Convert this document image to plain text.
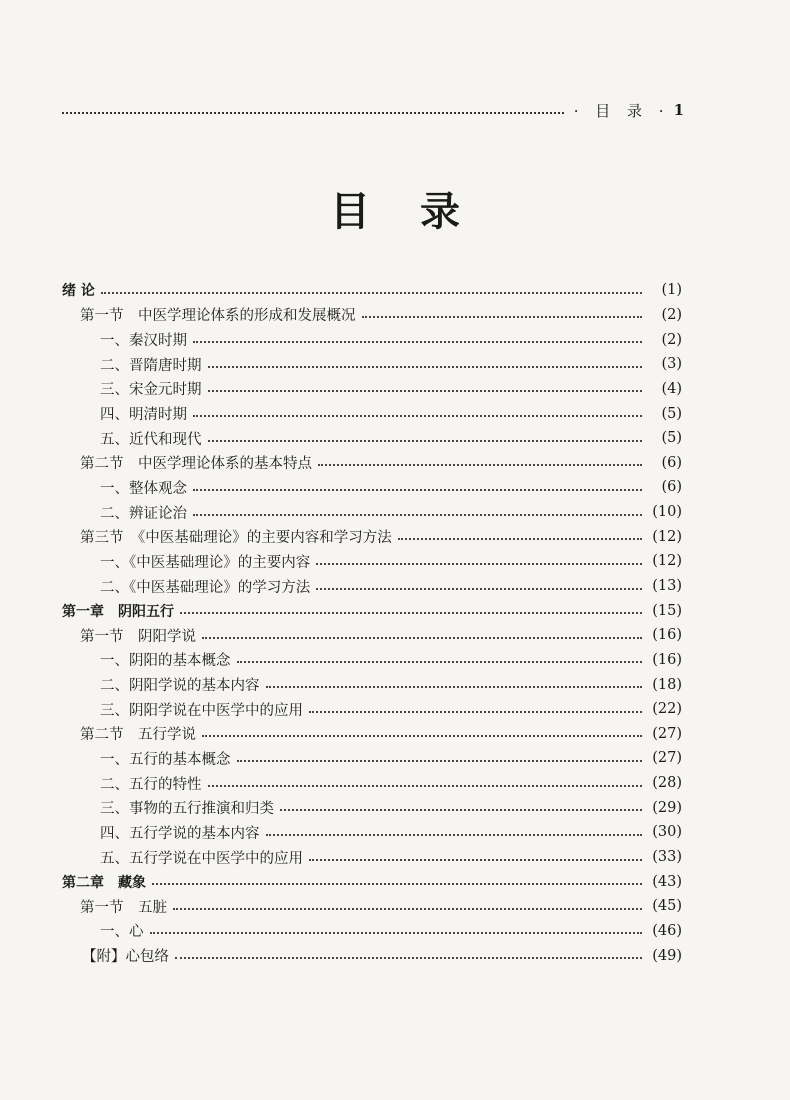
· 目 录 · 1
目录
绪 论	(1)
第一节　中医学理论体系的形成和发展概况	(2)
一、秦汉时期	(2)
二、晋隋唐时期	(3)
三、宋金元时期	(4)
四、明清时期	(5)
五、近代和现代	(5)
第二节　中医学理论体系的基本特点	(6)
一、整体观念	(6)
二、辨证论治	(10)
第三节　《中医基础理论》的主要内容和学习方法	(12)
一、《中医基础理论》的主要内容	(12)
二、《中医基础理论》的学习方法	(13)
第一章　阴阳五行	(15)
第一节　阴阳学说	(16)
一、阴阳的基本概念	(16)
二、阴阳学说的基本内容	(18)
三、阴阳学说在中医学中的应用	(22)
第二节　五行学说	(27)
一、五行的基本概念	(27)
二、五行的特性	(28)
三、事物的五行推演和归类	(29)
四、五行学说的基本内容	(30)
五、五行学说在中医学中的应用	(33)
第二章　藏象	(43)
第一节　五脏	(45)
一、心	(46)
【附】心包络	(49)
